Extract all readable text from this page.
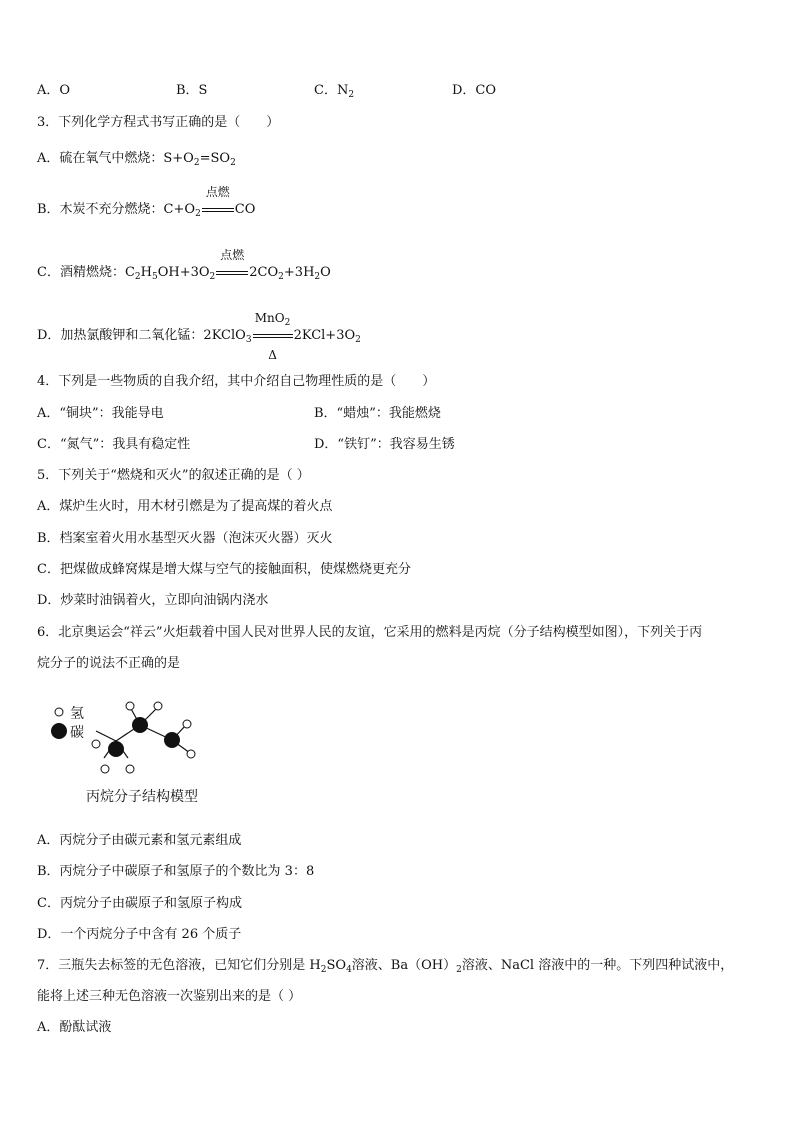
A．O	B．S	C．$N_2$	D．CO
3．下列化学方程式书写正确的是（　　）
A．硫在氧气中燃烧：$S+O_2=SO_2$
B．木炭不充分燃烧：$C+O_2$
点燃
CO
C．酒精燃烧：$C_2H_5OH+3O_2$
点燃
$2CO_2+3H_2O$
D．加热氯酸钾和二氧化锰：2KClO$_3$
MnO$_2$
Δ
$2KCl+3O_2$
4．下列是一些物质的自我介绍，其中介绍自己物理性质的是（　　）
A．“铜块”：我能导电	B．“蜡烛”：我能燃烧
C．“氮气”：我具有稳定性	D．“铁钉”：我容易生锈
5．下列关于“燃烧和灭火”的叙述正确的是（ ）
A．煤炉生火时，用木材引燃是为了提高煤的着火点
B．档案室着火用水基型灭火器（泡沫灭火器）灭火
C．把煤做成蜂窝煤是增大煤与空气的接触面积，使煤燃烧更充分
D．炒菜时油锅着火，立即向油锅内浇水
6．北京奥运会“祥云”火炬载着中国人民对世界人民的友谊，它采用的燃料是丙烷（分子结构模型如图），下列关于丙
烷分子的说法不正确的是
氢
碳
丙烷分子结构模型
A．丙烷分子由碳元素和氢元素组成
B．丙烷分子中碳原子和氢原子的个数比为 3：8
C．丙烷分子由碳原子和氢原子构成
D．一个丙烷分子中含有 26 个质子
7．三瓶失去标签的无色溶液，已知它们分别是 $H_2SO_4$溶液、$Ba(OH)_2$溶液、NaCl 溶液中的一种。下列四种试液中，
能将上述三种无色溶液一次鉴别出来的是（ ）
A．酚酞试液
